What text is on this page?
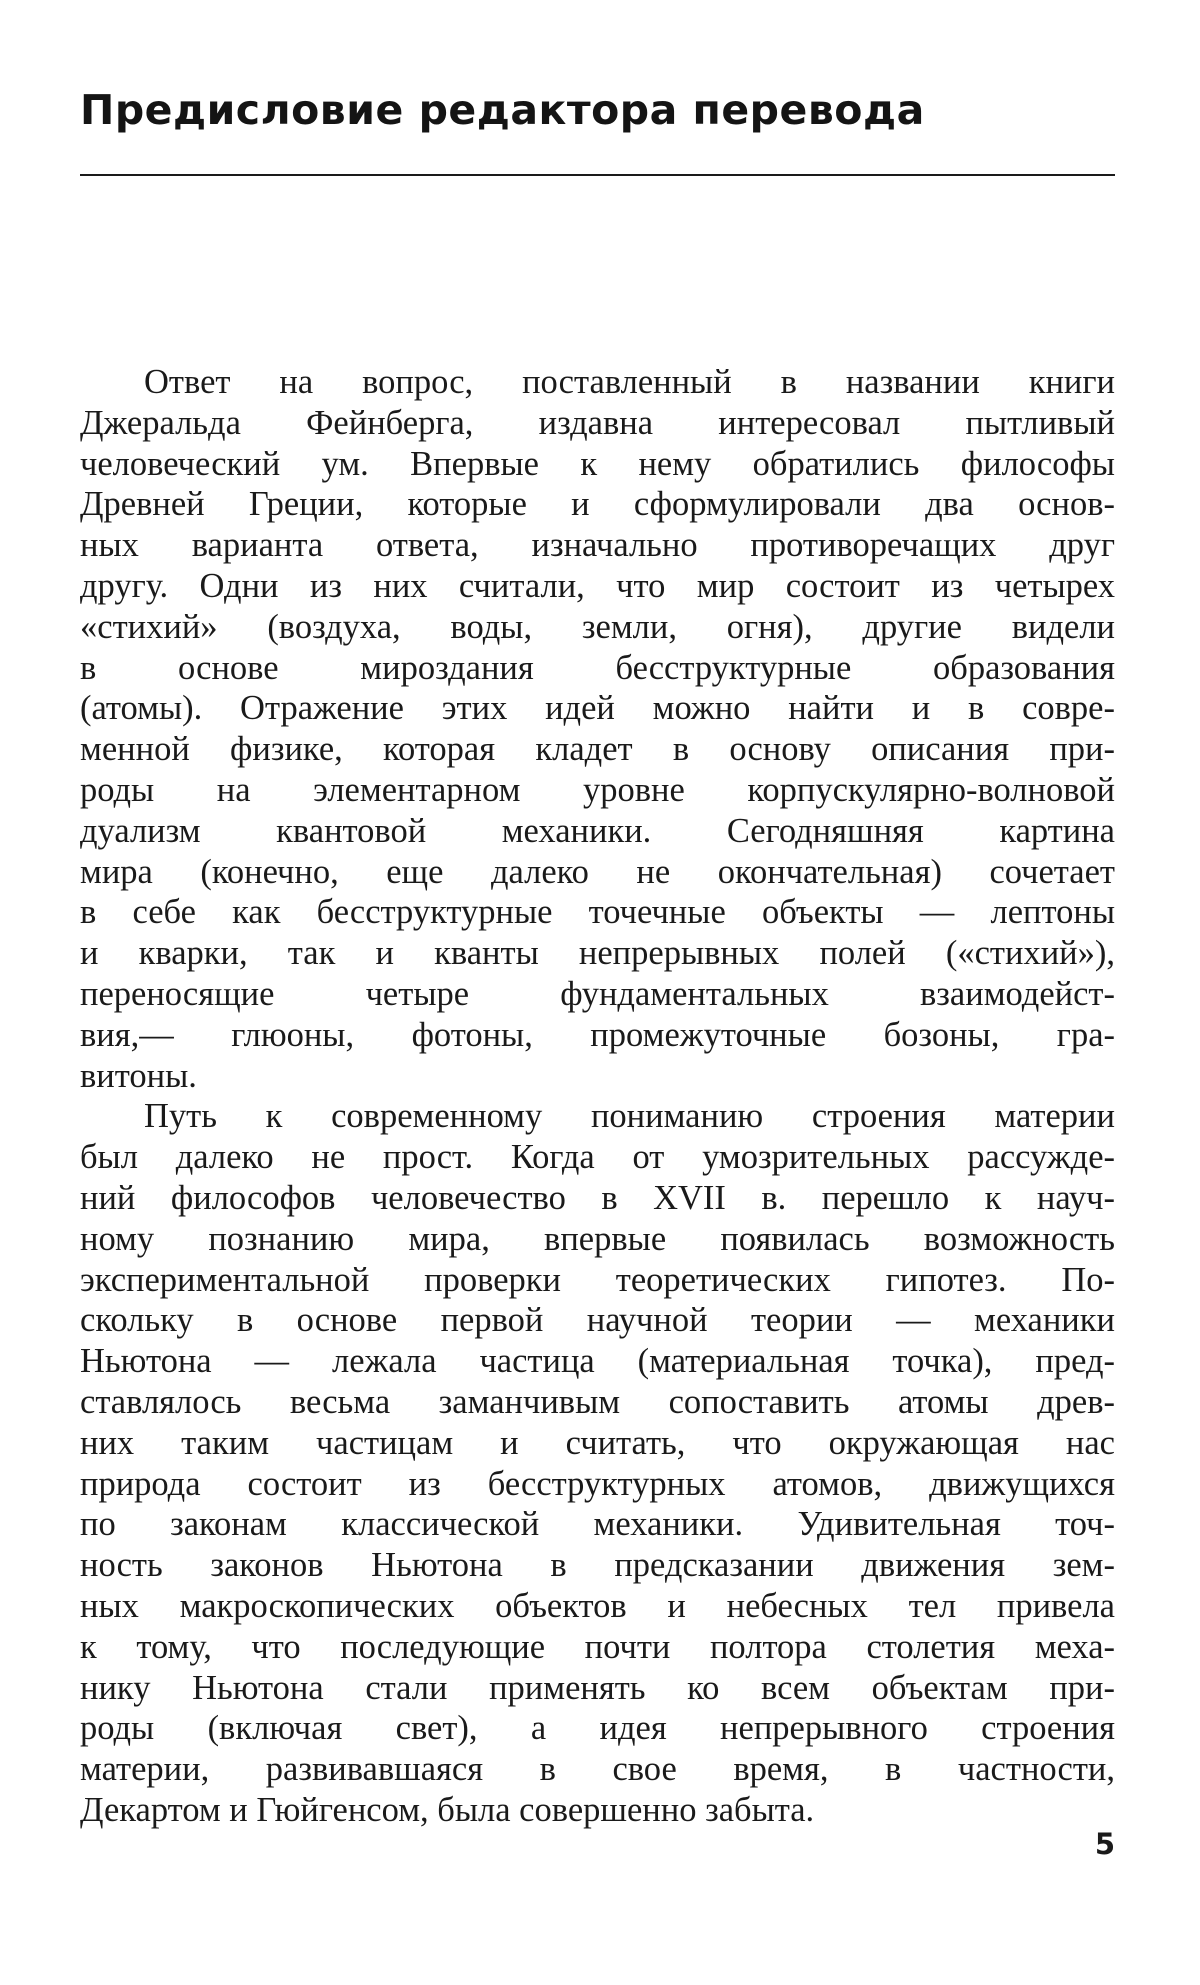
Предисловие редактора перевода
Ответ на вопрос, поставленный в названии книги
Джеральда Фейнберга, издавна интересовал пытливый
человеческий ум. Впервые к нему обратились философы
Древней Греции, которые и сформулировали два основ-
ных варианта ответа, изначально противоречащих друг
другу. Одни из них считали, что мир состоит из четырех
«стихий» (воздуха, воды, земли, огня), другие видели
в основе мироздания бесструктурные образования
(атомы). Отражение этих идей можно найти и в совре-
менной физике, которая кладет в основу описания при-
роды на элементарном уровне корпускулярно-волновой
дуализм квантовой механики. Сегодняшняя картина
мира (конечно, еще далеко не окончательная) сочетает
в себе как бесструктурные точечные объекты — лептоны
и кварки, так и кванты непрерывных полей («стихий»),
переносящие четыре фундаментальных взаимодейст-
вия,— глюоны, фотоны, промежуточные бозоны, гра-
витоны.
Путь к современному пониманию строения материи
был далеко не прост. Когда от умозрительных рассужде-
ний философов человечество в XVII в. перешло к науч-
ному познанию мира, впервые появилась возможность
экспериментальной проверки теоретических гипотез. По-
скольку в основе первой научной теории — механики
Ньютона — лежала частица (материальная точка), пред-
ставлялось весьма заманчивым сопоставить атомы древ-
них таким частицам и считать, что окружающая нас
природа состоит из бесструктурных атомов, движущихся
по законам классической механики. Удивительная точ-
ность законов Ньютона в предсказании движения зем-
ных макроскопических объектов и небесных тел привела
к тому, что последующие почти полтора столетия меха-
нику Ньютона стали применять ко всем объектам при-
роды (включая свет), а идея непрерывного строения
материи, развивавшаяся в свое время, в частности,
Декартом и Гюйгенсом, была совершенно забыта.
5
